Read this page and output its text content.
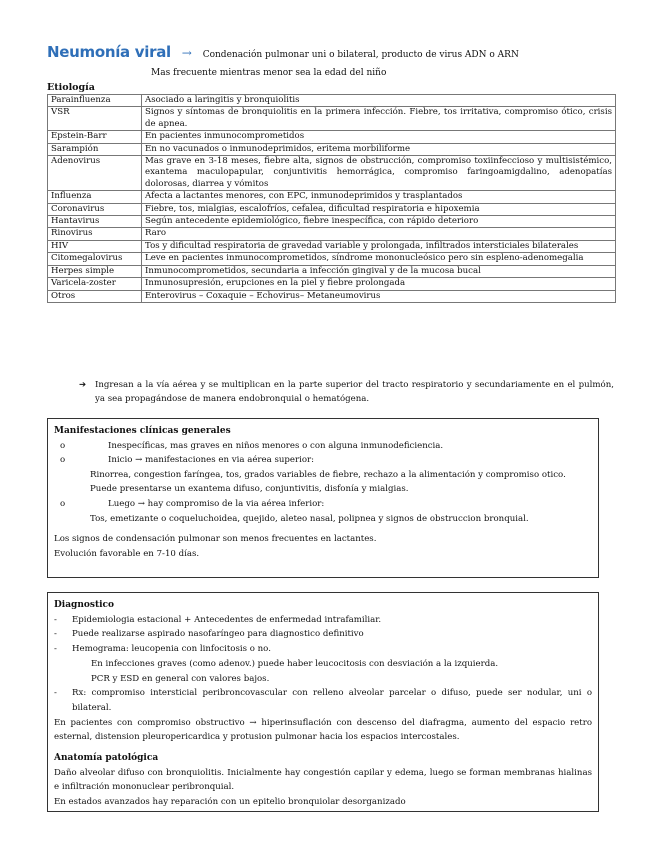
Neumonía viral → Condenación pulmonar uni o bilateral, producto de virus ADN o ARN
Mas frecuente mientras menor sea la edad del niño
Etiología
Parainfluenza	Asociado a laringitis y bronquiolitis
VSR	Signos y síntomas de bronquiolitis en la primera infección. Fiebre, tos irritativa, compromiso ótico, crisis de apnea.
Epstein-Barr	En pacientes inmunocomprometidos
Sarampión	En no vacunados o inmunodeprimidos, eritema morbiliforme
Adenovirus	Mas grave en 3-18 meses, fiebre alta, signos de obstrucción, compromiso toxiinfeccioso y multisistémico, exantema maculopapular, conjuntivitis hemorrágica, compromiso faringoamigdalino, adenopatías dolorosas, diarrea y vómitos
Influenza	Afecta a lactantes menores, con EPC, inmunodeprimidos y trasplantados
Coronavirus	Fiebre, tos, mialgias, escalofríos, cefalea, dificultad respiratoria e hipoxemia
Hantavirus	Según antecedente epidemiológico, fiebre inespecífica, con rápido deterioro
Rinovirus	Raro
HIV	Tos y dificultad respiratoria de gravedad variable y prolongada, infiltrados intersticiales bilaterales
Citomegalovirus	Leve en pacientes inmunocomprometidos, síndrome mononucleósico pero sin espleno-adenomegalia
Herpes simple	Inmunocomprometidos, secundaria a infección gingival y de la mucosa bucal
Varicela-zoster	Inmunosupresión, erupciones en la piel y fiebre prolongada
Otros	Enterovirus – Coxaquie – Echovirus– Metaneumovirus
➔	Ingresan a la vía aérea y se multiplican en la parte superior del tracto respiratorio y secundariamente en el pulmón, ya sea propagándose de manera endobronquial o hematógena.
Manifestaciones clínicas generales
o	Inespecíficas, mas graves en niños menores o con alguna inmunodeficiencia.
o	Inicio → manifestaciones en via aérea superior:
Rinorrea, congestion faríngea, tos, grados variables de fiebre, rechazo a la alimentación y compromiso otico.
Puede presentarse un exantema difuso, conjuntivitis, disfonía y mialgias.
o	Luego → hay compromiso de la via aérea inferior:
Tos, emetizante o coqueluchoidea, quejido, aleteo nasal, polipnea y signos de obstruccion bronquial.
Los signos de condensación pulmonar son menos frecuentes en lactantes.
Evolución favorable en 7-10 días.
Diagnostico
- Epidemiologia estacional + Antecedentes de enfermedad intrafamiliar.
- Puede realizarse aspirado nasofaríngeo para diagnostico definitivo
- Hemograma: leucopenia con linfocitosis o no.
En infecciones graves (como adenov.) puede haber leucocitosis con desviación a la izquierda.
PCR y ESD en general con valores bajos.
- Rx: compromiso intersticial peribroncovascular con relleno alveolar parcelar o difuso, puede ser nodular, uni o bilateral.
En pacientes con compromiso obstructivo → hiperinsuflación con descenso del diafragma, aumento del espacio retro esternal, distension pleuropericardica y protusion pulmonar hacia los espacios intercostales.
Anatomía patológica
Daño alveolar difuso con bronquiolitis. Inicialmente hay congestión capilar y edema, luego se forman membranas hialinas e infiltración mononuclear peribronquial.
En estados avanzados hay reparación con un epitelio bronquiolar desorganizado
